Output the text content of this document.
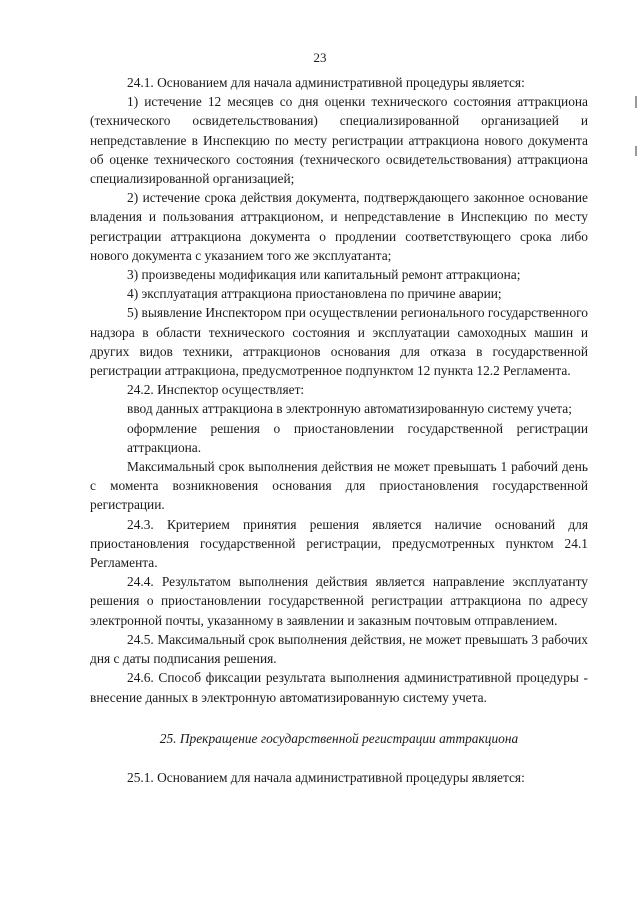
23

24.1. Основанием для начала административной процедуры является:

1) истечение 12 месяцев со дня оценки технического состояния аттракциона (технического освидетельствования) специализированной организацией и непредставление в Инспекцию по месту регистрации аттракциона нового документа об оценке технического состояния (технического освидетельствования) аттракциона специализированной организацией;

2) истечение срока действия документа, подтверждающего законное основание владения и пользования аттракционом, и непредставление в Инспекцию по месту регистрации аттракциона документа о продлении соответствующего срока либо нового документа с указанием того же эксплуатанта;

3) произведены модификация или капитальный ремонт аттракциона;

4) эксплуатация аттракциона приостановлена по причине аварии;

5) выявление Инспектором при осуществлении регионального государственного надзора в области технического состояния и эксплуатации самоходных машин и других видов техники, аттракционов основания для отказа в государственной регистрации аттракциона, предусмотренное подпунктом 12 пункта 12.2 Регламента.

24.2. Инспектор осуществляет:

ввод данных аттракциона в электронную автоматизированную систему учета;

оформление решения о приостановлении государственной регистрации аттракциона.

Максимальный срок выполнения действия не может превышать 1 рабочий день с момента возникновения основания для приостановления государственной регистрации.

24.3. Критерием принятия решения является наличие оснований для приостановления государственной регистрации, предусмотренных пунктом 24.1 Регламента.

24.4. Результатом выполнения действия является направление эксплуатанту решения о приостановлении государственной регистрации аттракциона по адресу электронной почты, указанному в заявлении и заказным почтовым отправлением.

24.5. Максимальный срок выполнения действия, не может превышать 3 рабочих дня с даты подписания решения.

24.6. Способ фиксации результата выполнения административной процедуры - внесение данных в электронную автоматизированную систему учета.

25. Прекращение государственной регистрации аттракциона

25.1. Основанием для начала административной процедуры является:
